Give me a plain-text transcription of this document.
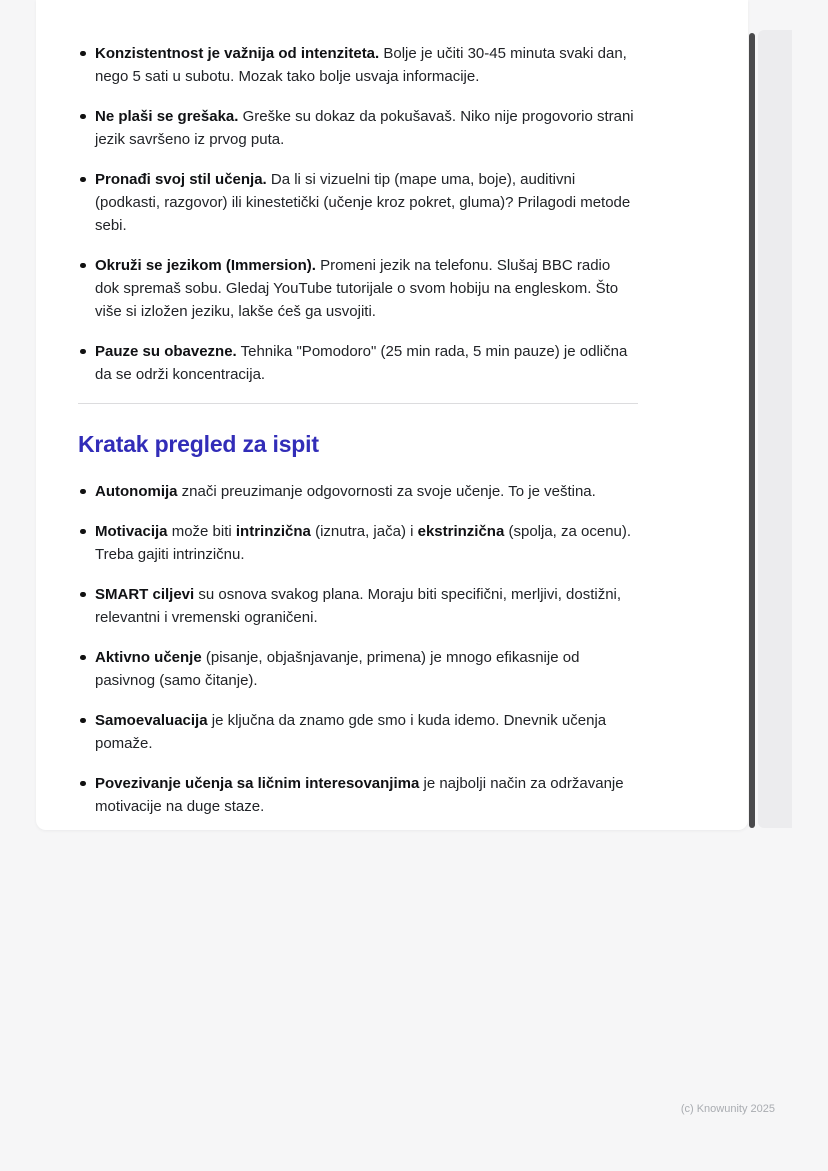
Konzistentnost je važnija od intenziteta. Bolje je učiti 30-45 minuta svaki dan, nego 5 sati u subotu. Mozak tako bolje usvaja informacije.
Ne plaši se grešaka. Greške su dokaz da pokušavaš. Niko nije progovorio strani jezik savršeno iz prvog puta.
Pronađi svoj stil učenja. Da li si vizuelni tip (mape uma, boje), auditivni (podkasti, razgovor) ili kinestetički (učenje kroz pokret, gluma)? Prilagodi metode sebi.
Okruži se jezikom (Immersion). Promeni jezik na telefonu. Slušaj BBC radio dok spremaš sobu. Gledaj YouTube tutorijale o svom hobiju na engleskom. Što više si izložen jeziku, lakše ćeš ga usvojiti.
Pauze su obavezne. Tehnika "Pomodoro" (25 min rada, 5 min pauze) je odlična da se održi koncentracija.
Kratak pregled za ispit
Autonomija znači preuzimanje odgovornosti za svoje učenje. To je veština.
Motivacija može biti intrinzična (iznutra, jača) i ekstrinzična (spolja, za ocenu). Treba gajiti intrinzičnu.
SMART ciljevi su osnova svakog plana. Moraju biti specifični, merljivi, dostižni, relevantni i vremenski ograničeni.
Aktivno učenje (pisanje, objašnjavanje, primena) je mnogo efikasnije od pasivnog (samo čitanje).
Samoevaluacija je ključna da znamo gde smo i kuda idemo. Dnevnik učenja pomaže.
Povezivanje učenja sa ličnim interesovanjima je najbolji način za održavanje motivacije na duge staze.
(c) Knowunity 2025
